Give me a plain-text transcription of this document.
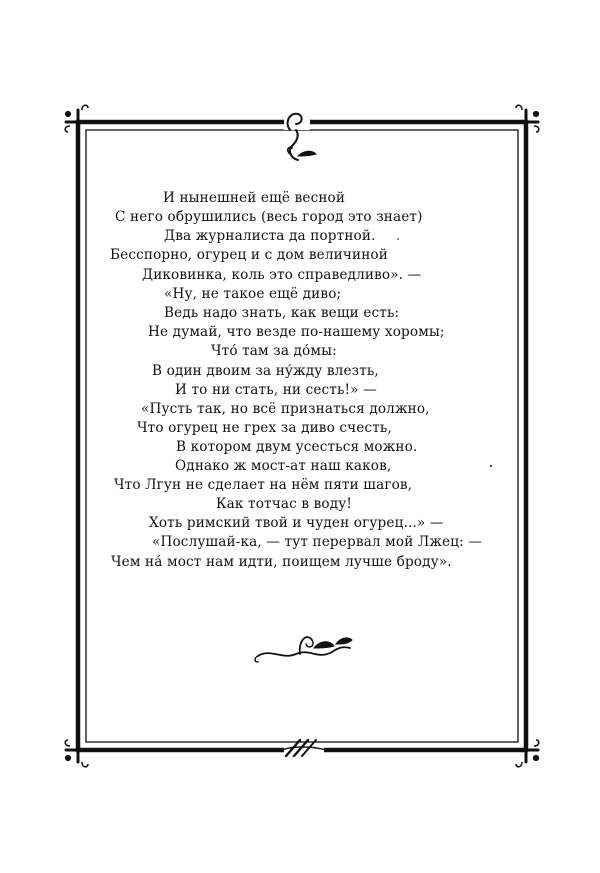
И нынешней ещё весной
С него обрушились (весь город это знает)
Два журналиста да портной.
Бесспорно, огурец и с дом величиной
Диковинка, коль это справедливо». —
«Ну, не такое ещё диво;
Ведь надо знать, как вещи есть:
Не думай, что везде по-нашему хоромы;
Что́ там за до́мы:
В один двоим за ну́жду влезть,
И то ни стать, ни сесть!» —
«Пусть так, но всё признаться должно,
Что огурец не грех за диво счесть,
В котором двум усесться можно.
Однако ж мост-ат наш каков,
Что Лгун не сделает на нём пяти шагов,
Как тотчас в воду!
Хоть римский твой и чуден огурец...» —
«Послушай-ка, — тут перервал мой Лжец: —
Чем на́ мост нам идти, поищем лучше броду».
